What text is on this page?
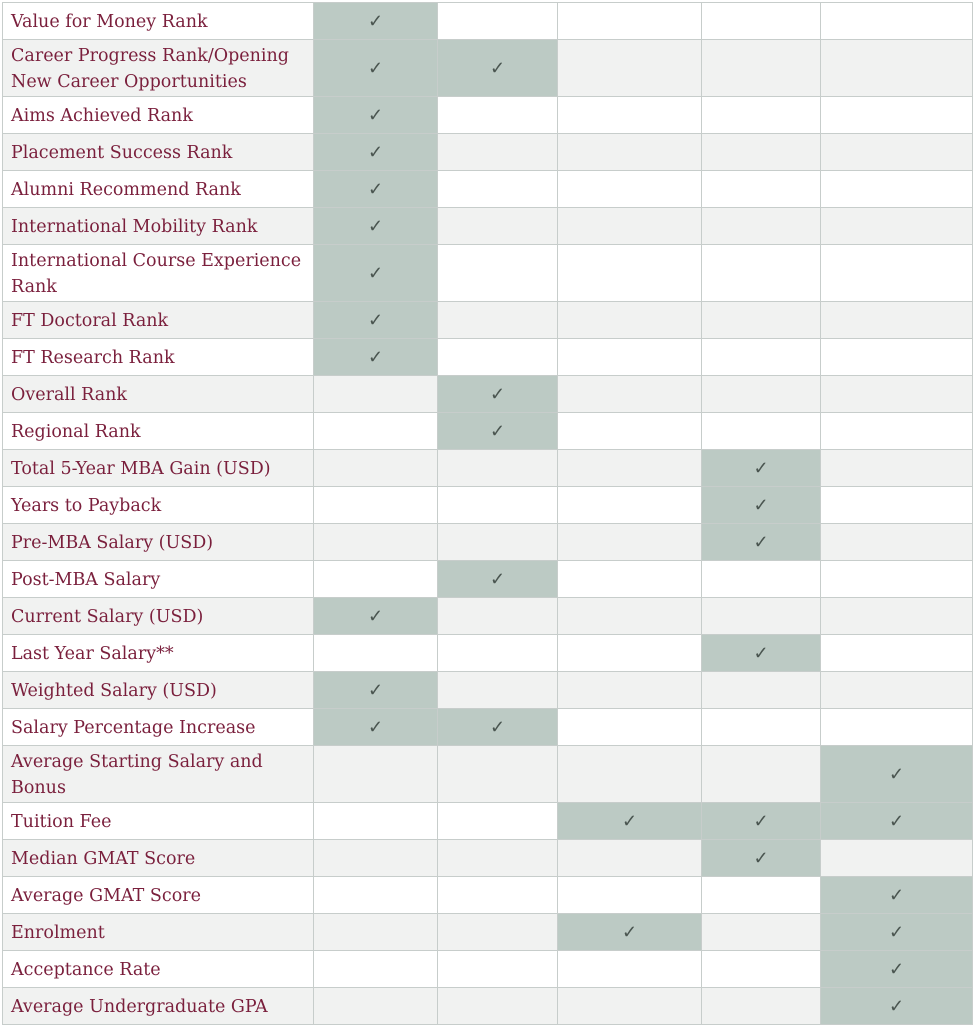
Value for Money Rank	✓				
Career Progress Rank/Opening New Career Opportunities	✓	✓			
Aims Achieved Rank	✓				
Placement Success Rank	✓				
Alumni Recommend Rank	✓				
International Mobility Rank	✓				
International Course Experience Rank	✓				
FT Doctoral Rank	✓				
FT Research Rank	✓				
Overall Rank		✓			
Regional Rank		✓			
Total 5-Year MBA Gain (USD)				✓	
Years to Payback				✓	
Pre-MBA Salary (USD)				✓	
Post-MBA Salary		✓			
Current Salary (USD)	✓				
Last Year Salary**				✓	
Weighted Salary (USD)	✓				
Salary Percentage Increase	✓	✓			
Average Starting Salary and Bonus					✓
Tuition Fee			✓	✓	✓
Median GMAT Score				✓	
Average GMAT Score					✓
Enrolment			✓		✓
Acceptance Rate					✓
Average Undergraduate GPA					✓
